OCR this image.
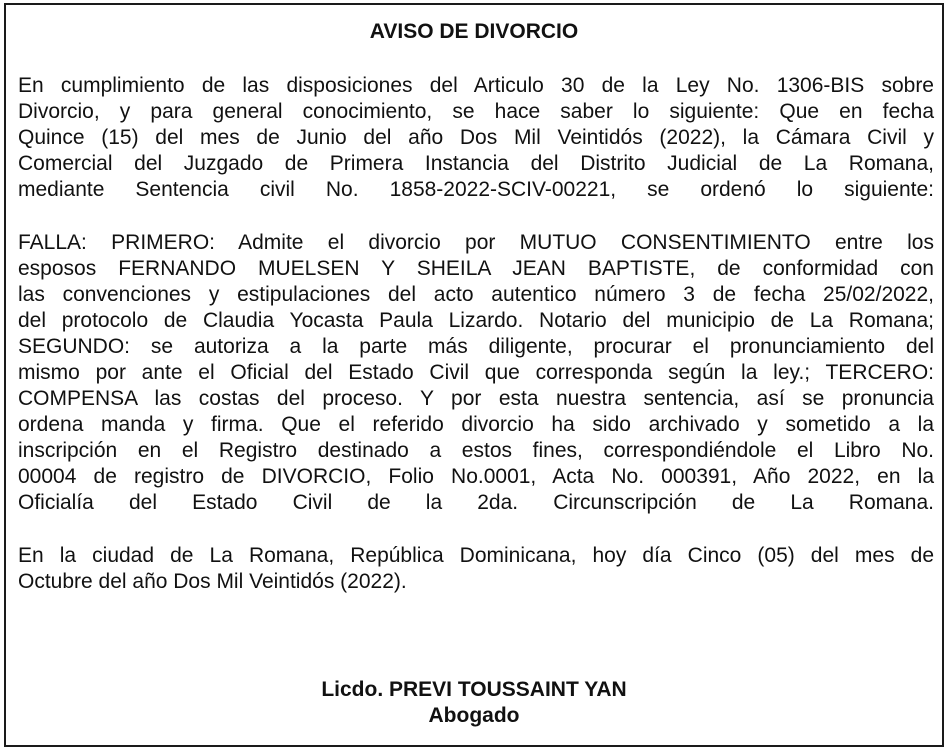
AVISO DE DIVORCIO
En cumplimiento de las disposiciones del Articulo 30 de la Ley No. 1306-BIS sobre
Divorcio, y para general conocimiento, se hace saber lo siguiente: Que en fecha
Quince (15) del mes de Junio del año Dos Mil Veintidós (2022), la Cámara Civil y
Comercial del Juzgado de Primera Instancia del Distrito Judicial de La Romana,
mediante Sentencia civil No. 1858-2022-SCIV-00221, se ordenó lo siguiente:
FALLA: PRIMERO: Admite el divorcio por MUTUO CONSENTIMIENTO entre los
esposos FERNANDO MUELSEN Y SHEILA JEAN BAPTISTE, de conformidad con
las convenciones y estipulaciones del acto autentico número 3 de fecha 25/02/2022,
del protocolo de Claudia Yocasta Paula Lizardo. Notario del municipio de La Romana;
SEGUNDO: se autoriza a la parte más diligente, procurar el pronunciamiento del
mismo por ante el Oficial del Estado Civil que corresponda según la ley.; TERCERO:
COMPENSA las costas del proceso. Y por esta nuestra sentencia, así se pronuncia
ordena manda y firma. Que el referido divorcio ha sido archivado y sometido a la
inscripción en el Registro destinado a estos fines, correspondiéndole el Libro No.
00004 de registro de DIVORCIO, Folio No.0001, Acta No. 000391, Año 2022, en la
Oficialía del Estado Civil de la 2da. Circunscripción de La Romana.
En la ciudad de La Romana, República Dominicana, hoy día Cinco (05) del mes de
Octubre del año Dos Mil Veintidós (2022).
Licdo. PREVI TOUSSAINT YAN
Abogado
